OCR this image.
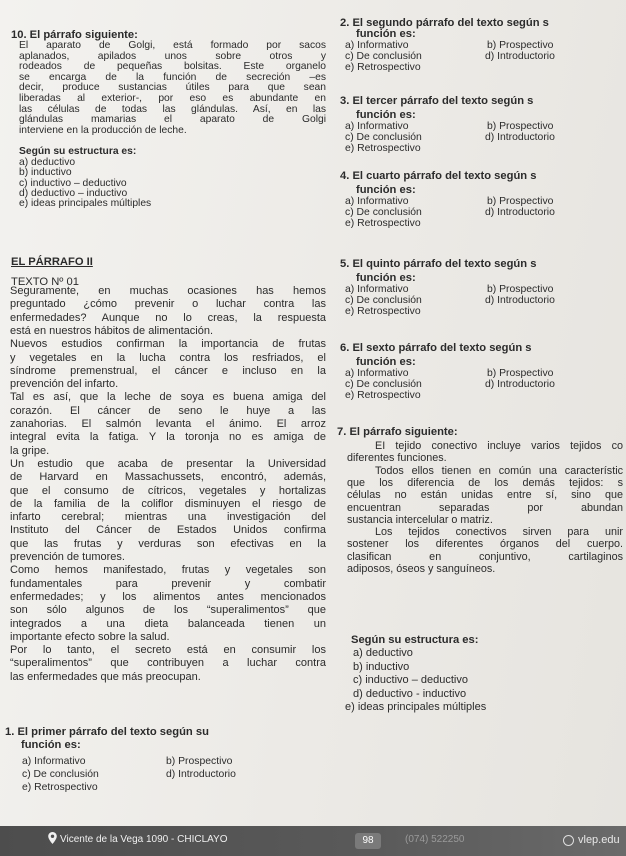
10. El párrafo siguiente:
El aparato de Golgi, está formado por sacos
aplanados, apilados unos sobre otros y
rodeados de pequeñas bolsitas. Este organelo
se encarga de la función de secreción –es
decir, produce sustancias útiles para que sean
liberadas al exterior-, por eso es abundante en
las células de todas las glándulas. Así, en las
glándulas mamarias el aparato de Golgi
interviene en la producción de leche.
Según su estructura es:
a) deductivo
b) inductivo
c) inductivo – deductivo
d) deductivo – inductivo
e) ideas principales múltiples
EL PÁRRAFO II
TEXTO Nº 01
Seguramente, en muchas ocasiones has hemos
preguntado ¿cómo prevenir o luchar contra las
enfermedades? Aunque no lo creas, la respuesta
está en nuestros hábitos de alimentación.
Nuevos estudios confirman la importancia de frutas
y vegetales en la lucha contra los resfriados, el
síndrome premenstrual, el cáncer e incluso en la
prevención del infarto.
Tal es así, que la leche de soya es buena amiga del
corazón. El cáncer de seno le huye a las
zanahorias. El salmón levanta el ánimo. El arroz
integral evita la fatiga. Y la toronja no es amiga de
la gripe.
Un estudio que acaba de presentar la Universidad
de Harvard en Massachussets, encontró, además,
que el consumo de cítricos, vegetales y hortalizas
de la familia de la coliflor disminuyen el riesgo de
infarto cerebral; mientras una investigación del
Instituto del Cáncer de Estados Unidos confirma
que las frutas y verduras son efectivas en la
prevención de tumores.
Como hemos manifestado, frutas y vegetales son
fundamentales para prevenir y combatir
enfermedades; y los alimentos antes mencionados
son sólo algunos de los “superalimentos” que
integrados a una dieta balanceada tienen un
importante efecto sobre la salud.
Por lo tanto, el secreto está en consumir los
“superalimentos” que contribuyen a luchar contra
las enfermedades que más preocupan.
1. El primer párrafo del texto según su
función es:
a) Informativo	b) Prospectivo
c) De conclusión	d) Introductorio
e) Retrospectivo
2. El segundo párrafo del texto según s
función es:
a) Informativo	b) Prospectivo
c) De conclusión	d) Introductorio
e) Retrospectivo
3. El tercer párrafo del texto según s
función es:
a) Informativo	b) Prospectivo
c) De conclusión	d) Introductorio
e) Retrospectivo
4. El cuarto párrafo del texto según s
función es:
a) Informativo	b) Prospectivo
c) De conclusión	d) Introductorio
e) Retrospectivo
5. El quinto párrafo del texto según s
función es:
a) Informativo	b) Prospectivo
c) De conclusión	d) Introductorio
e) Retrospectivo
6. El sexto párrafo del texto según s
función es:
a) Informativo	b) Prospectivo
c) De conclusión	d) Introductorio
e) Retrospectivo
7. El párrafo siguiente:
EI tejido conectivo incluye varios tejidos co
diferentes funciones.
Todos ellos tienen en común una característic
que los diferencia de los demás tejidos: s
células no están unidas entre sí, sino que
encuentran separadas por abundan
sustancia intercelular o matriz.
Los tejidos conectivos sirven para unir
sostener los diferentes órganos del cuerpo.
clasifican en conjuntivo, cartilaginos
adiposos, óseos y sanguíneos.
Según su estructura es:
a) deductivo
b) inductivo
c) inductivo – deductivo
d) deductivo - inductivo
e) ideas principales múltiples
Vicente de la Vega 1090 - CHICLAYO	98	(074) 522250	vlep.edu
